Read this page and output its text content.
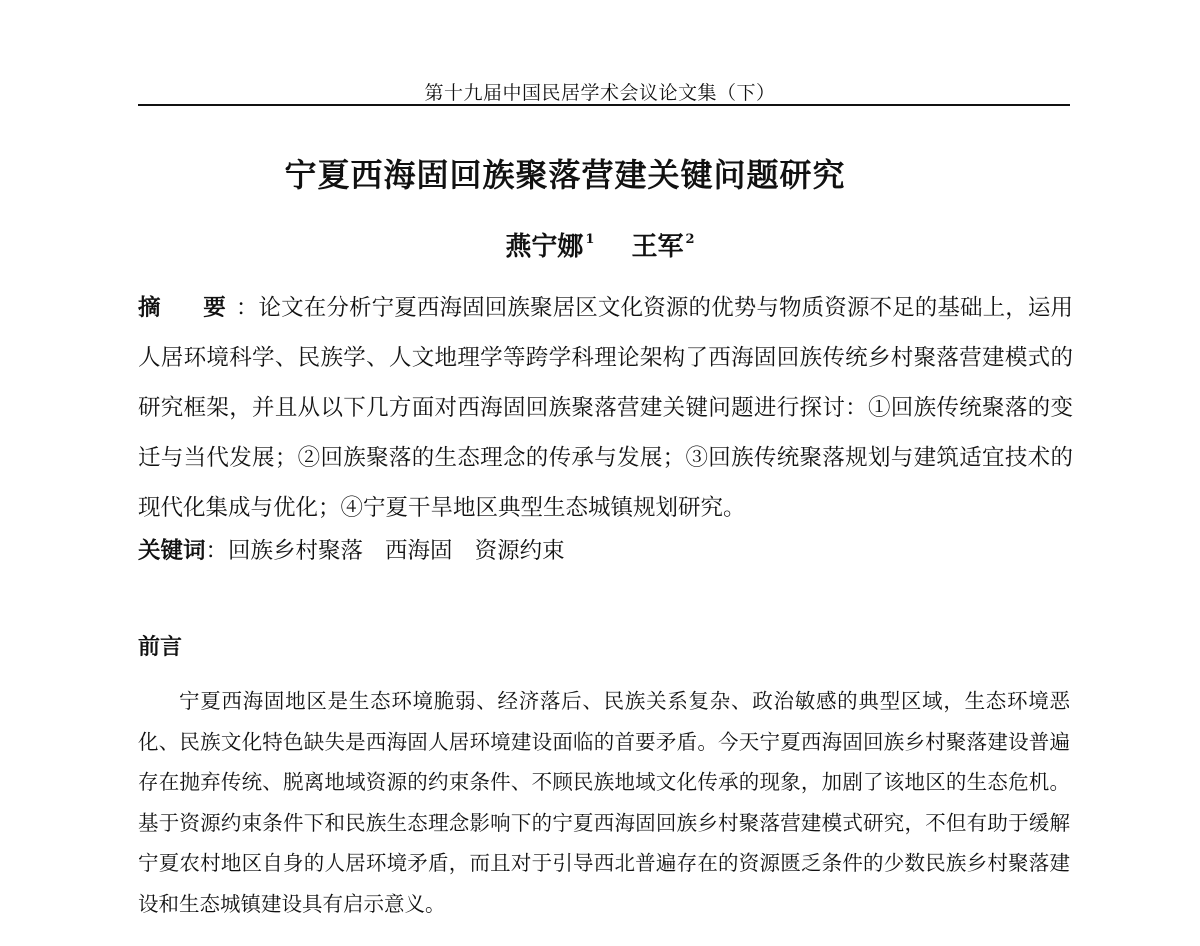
第十九届中国民居学术会议论文集（下）
宁夏西海固回族聚落营建关键问题研究
燕宁娜 $^1$ 王军 $^2$
摘　要：论文在分析宁夏西海固回族聚居区文化资源的优势与物质资源不足的基础上，运用人居环境科学、民族学、人文地理学等跨学科理论架构了西海固回族传统乡村聚落营建模式的研究框架，并且从以下几方面对西海固回族聚落营建关键问题进行探讨：①回族传统聚落的变迁与当代发展；②回族聚落的生态理念的传承与发展；③回族传统聚落规划与建筑适宜技术的现代化集成与优化；④宁夏干旱地区典型生态城镇规划研究。
关键词：回族乡村聚落 西海固 资源约束
前言
宁夏西海固地区是生态环境脆弱、经济落后、民族关系复杂、政治敏感的典型区域，生态环境恶化、民族文化特色缺失是西海固人居环境建设面临的首要矛盾。今天宁夏西海固回族乡村聚落建设普遍存在抛弃传统、脱离地域资源的约束条件、不顾民族地域文化传承的现象，加剧了该地区的生态危机。基于资源约束条件下和民族生态理念影响下的宁夏西海固回族乡村聚落营建模式研究，不但有助于缓解宁夏农村地区自身的人居环境矛盾，而且对于引导西北普遍存在的资源匮乏条件的少数民族乡村聚落建设和生态城镇建设具有启示意义。
